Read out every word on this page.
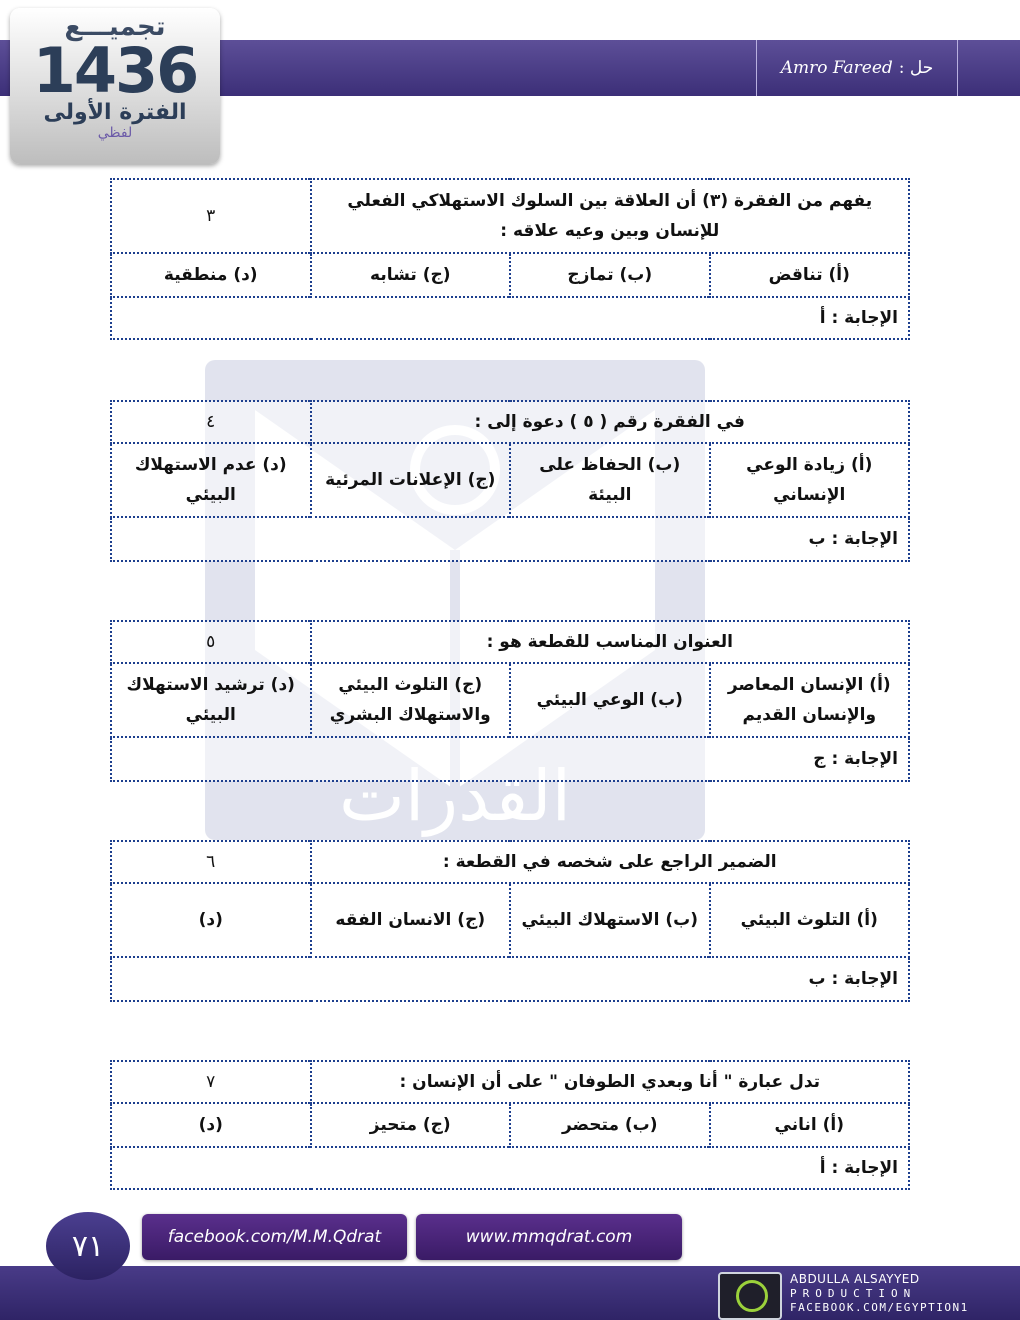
حل :
Amro Fareed
تجميـــع
1436
الفترة الأولى
لفظي
القدرات
يفهم من الفقرة (٣) أن العلاقة بين السلوك الاستهلاكي الفعلي للإنسان وبين وعيه علاقه :			٣
(أ) تناقض	(ب) تمازج	(ج) تشابه	(د) منطقية
الإجابة : أ			
في الفقرة رقم ( ٥ ) دعوة إلى :			٤
(أ) زيادة الوعي الإنساني	(ب) الحفاظ على البيئة	(ج) الإعلانات المرئية	(د) عدم الاستهلاك البيئي
الإجابة : ب			
العنوان المناسب للقطعة هو :			٥
(أ) الإنسان المعاصر والإنسان القديم	(ب) الوعي البيئي	(ج) التلوث البيئي والاستهلاك البشري	(د) ترشيد الاستهلاك البيئي
الإجابة : ج			
الضمير الراجع على شخصه في القطعة :			٦
(أ) التلوث البيئي	(ب) الاستهلاك البيئي	(ج) الانسان الفقه	(د)
الإجابة : ب			
تدل عبارة " أنا وبعدي الطوفان " على أن الإنسان :			٧
(أ) اناني	(ب) متحضر	(ج) متحيز	(د)
الإجابة : أ			
٧١	facebook.com/M.M.Qdrat	www.mmqdrat.com
ABDULLA ALSAYYED
PRODUCTION
FACEBOOK.COM/EGYPTION1
